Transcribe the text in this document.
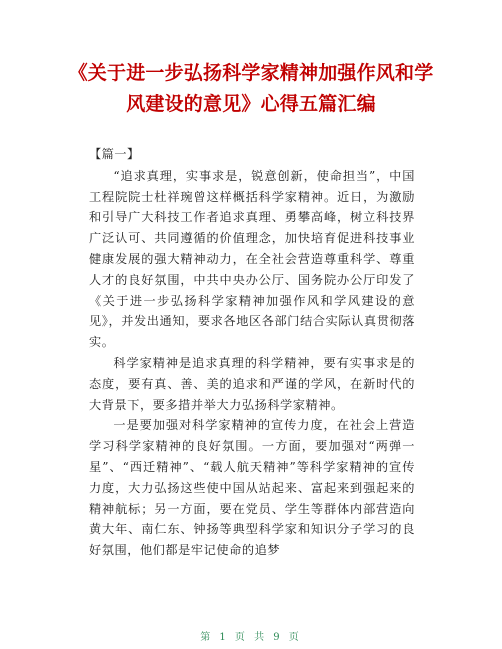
《关于进一步弘扬科学家精神加强作风和学风建设的意见》心得五篇汇编
【篇一】

“追求真理，实事求是，锐意创新，使命担当”，中国工程院院士杜祥琬曾这样概括科学家精神。近日，为激励和引导广大科技工作者追求真理、勇攀高峰，树立科技界广泛认可、共同遵循的价值理念，加快培育促进科技事业健康发展的强大精神动力，在全社会营造尊重科学、尊重人才的良好氛围，中共中央办公厅、国务院办公厅印发了《关于进一步弘扬科学家精神加强作风和学风建设的意见》，并发出通知，要求各地区各部门结合实际认真贯彻落实。

科学家精神是追求真理的科学精神，要有实事求是的态度，要有真、善、美的追求和严谨的学风，在新时代的大背景下，要多措并举大力弘扬科学家精神。

一是要加强对科学家精神的宣传力度，在社会上营造学习科学家精神的良好氛围。一方面，要加强对“两弹一星”、“西迁精神”、“载人航天精神”等科学家精神的宣传力度，大力弘扬这些使中国从站起来、富起来到强起来的精神航标；另一方面，要在党员、学生等群体内部营造向黄大年、南仁东、钟扬等典型科学家和知识分子学习的良好氛围，他们都是牢记使命的追梦

第 1 页 共 9 页
